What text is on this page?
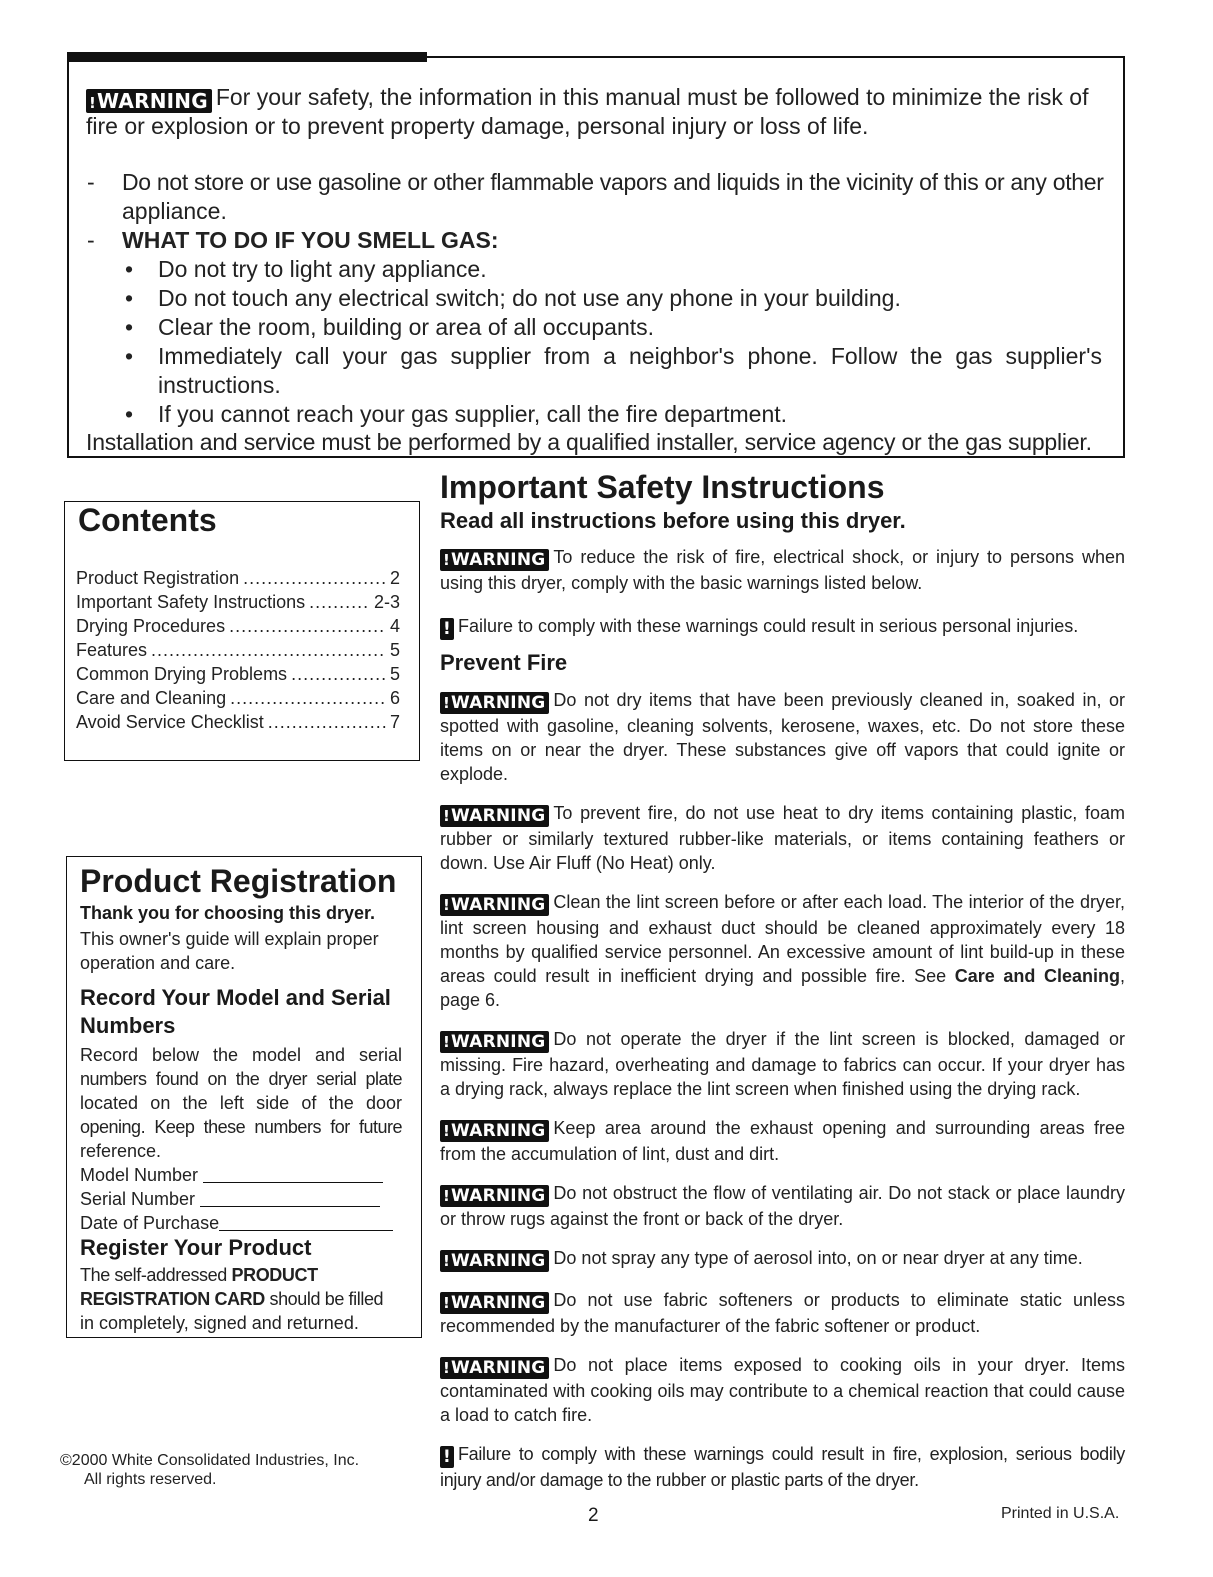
!WARNING For your safety, the information in this manual must be followed to minimize the risk of
fire or explosion or to prevent property damage, personal injury or loss of life.
- Do not store or use gasoline or other flammable vapors and liquids in the vicinity of this or any other
appliance.
- WHAT TO DO IF YOU SMELL GAS:
• Do not try to light any appliance.
• Do not touch any electrical switch; do not use any phone in your building.
• Clear the room, building or area of all occupants.
• Immediately call your gas supplier from a neighbor's phone. Follow the gas supplier's
instructions.
• If you cannot reach your gas supplier, call the fire department.
Installation and service must be performed by a qualified installer, service agency or the gas supplier.
Contents
Product Registration .....	2
Important Safety Instructions .....	2-3
Drying Procedures .....	4
Features .....	5
Common Drying Problems .....	5
Care and Cleaning .....	6
Avoid Service Checklist .....	7
Product Registration
Thank you for choosing this dryer.
This owner's guide will explain proper
operation and care.
Record Your Model and Serial
Numbers
Record below the model and serial
numbers found on the dryer serial plate
located on the left side of the door
opening. Keep these numbers for future
reference.
Model Number
Serial Number
Date of Purchase
Register Your Product
The self-addressed PRODUCT
REGISTRATION CARD should be filled
in completely, signed and returned.
©2000 White Consolidated Industries, Inc.
All rights reserved.
Important Safety Instructions
Read all instructions before using this dryer.
!WARNING To reduce the risk of fire, electrical shock, or injury to persons when using this dryer, comply with the basic warnings listed below.
! Failure to comply with these warnings could result in serious personal injuries.
Prevent Fire
!WARNING Do not dry items that have been previously cleaned in, soaked in, or spotted with gasoline, cleaning solvents, kerosene, waxes, etc. Do not store these items on or near the dryer. These substances give off vapors that could ignite or explode.
!WARNING To prevent fire, do not use heat to dry items containing plastic, foam rubber or similarly textured rubber-like materials, or items containing feathers or down. Use Air Fluff (No Heat) only.
!WARNING Clean the lint screen before or after each load. The interior of the dryer, lint screen housing and exhaust duct should be cleaned approximately every 18 months by qualified service personnel. An excessive amount of lint build-up in these areas could result in inefficient drying and possible fire. See Care and Cleaning, page 6.
!WARNING Do not operate the dryer if the lint screen is blocked, damaged or missing. Fire hazard, overheating and damage to fabrics can occur. If your dryer has a drying rack, always replace the lint screen when finished using the drying rack.
!WARNING Keep area around the exhaust opening and surrounding areas free from the accumulation of lint, dust and dirt.
!WARNING Do not obstruct the flow of ventilating air. Do not stack or place laundry or throw rugs against the front or back of the dryer.
!WARNING Do not spray any type of aerosol into, on or near dryer at any time.
!WARNING Do not use fabric softeners or products to eliminate static unless recommended by the manufacturer of the fabric softener or product.
!WARNING Do not place items exposed to cooking oils in your dryer. Items contaminated with cooking oils may contribute to a chemical reaction that could cause a load to catch fire.
! Failure to comply with these warnings could result in fire, explosion, serious bodily injury and/or damage to the rubber or plastic parts of the dryer.
2	Printed in U.S.A.
